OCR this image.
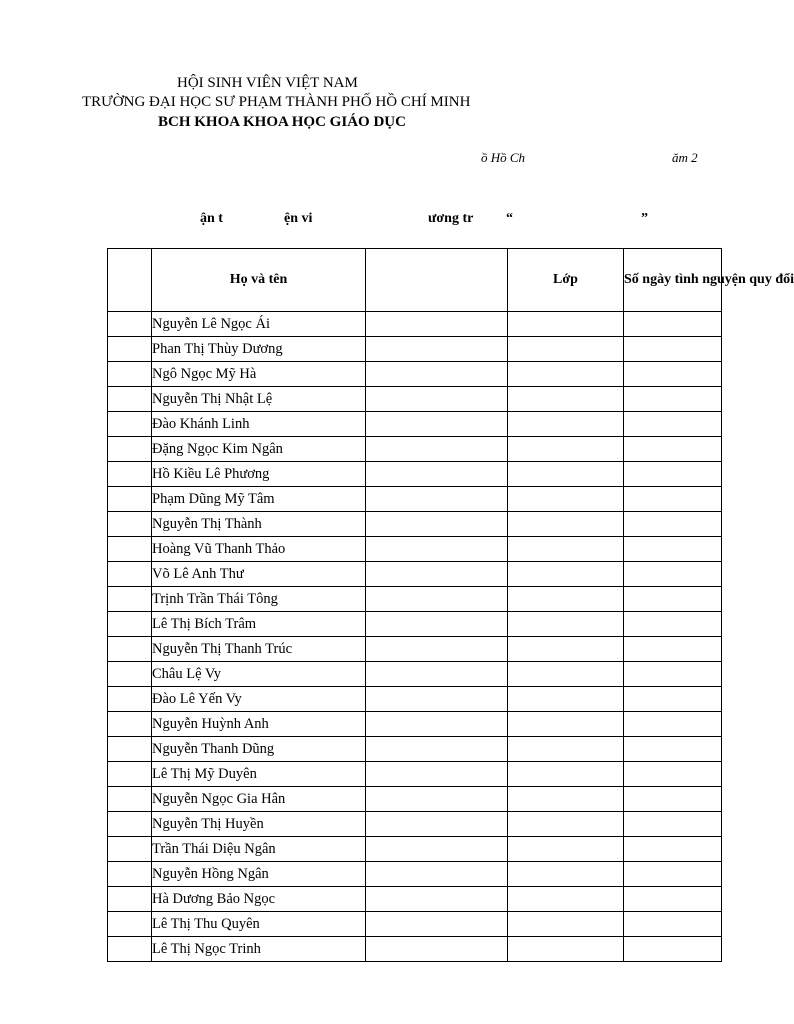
HỘI SINH VIÊN VIỆT NAM
TRƯỜNG ĐẠI HỌC SƯ PHẠM THÀNH PHỐ HỒ CHÍ MINH
BCH KHOA KHOA HỌC GIÁO DỤC
ồ Hồ Ch	ăm 2
ận t	ện vi	ương tr “	”
	Họ và tên		Lớp	Số ngày tình nguyện quy đổi
	Nguyễn Lê Ngọc Ái			
	Phan Thị Thùy Dương			
	Ngô Ngọc Mỹ Hà			
	Nguyễn Thị Nhật Lệ			
	Đào Khánh Linh			
	Đặng Ngọc Kim Ngân			
	Hồ Kiều Lê Phương			
	Phạm Dũng Mỹ Tâm			
	Nguyễn Thị Thành			
	Hoàng Vũ Thanh Thảo			
	Võ Lê Anh Thư			
	Trịnh Trần Thái Tông			
	Lê Thị Bích Trâm			
	Nguyễn Thị Thanh Trúc			
	Châu Lệ Vy			
	Đào Lê Yến Vy			
	Nguyễn Huỳnh Anh			
	Nguyễn Thanh Dũng			
	Lê Thị Mỹ Duyên			
	Nguyễn Ngọc Gia Hân			
	Nguyễn Thị Huyền			
	Trần Thái Diệu Ngân			
	Nguyễn Hồng Ngân			
	Hà Dương Bảo Ngọc			
	Lê Thị Thu Quyên			
	Lê Thị Ngọc Trinh			
